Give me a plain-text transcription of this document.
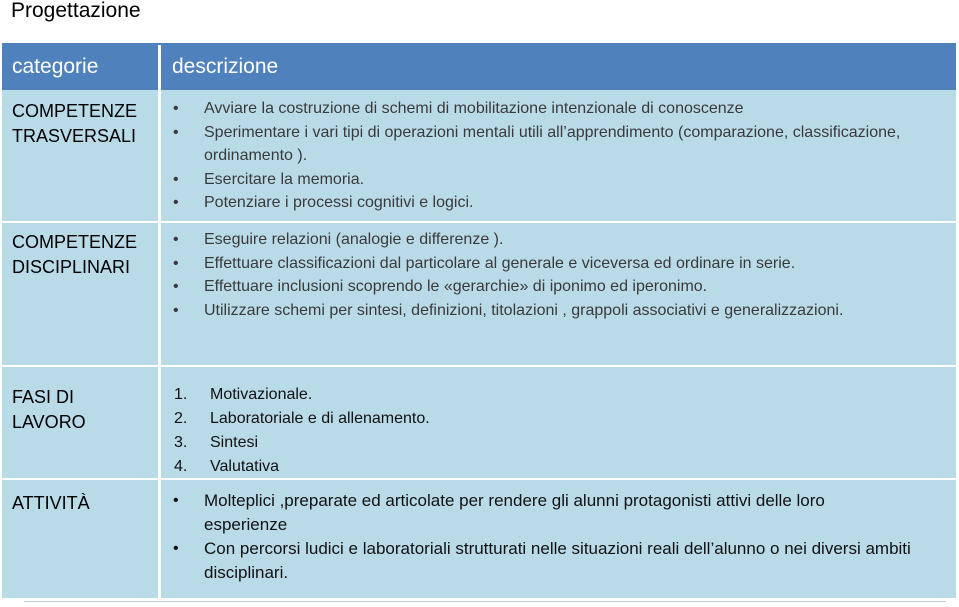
Progettazione
categorie	descrizione
COMPETENZE
TRASVERSALI
• Avviare la costruzione di schemi di mobilitazione intenzionale di conoscenze
• Sperimentare i vari tipi di operazioni mentali utili all’apprendimento (comparazione, classificazione, ordinamento ).
• Esercitare la memoria.
• Potenziare i processi cognitivi e logici.
COMPETENZE
DISCIPLINARI
• Eseguire relazioni (analogie e differenze ).
• Effettuare classificazioni dal particolare al generale e viceversa ed ordinare in serie.
• Effettuare inclusioni scoprendo le «gerarchie» di iponimo ed iperonimo.
• Utilizzare schemi per sintesi, definizioni, titolazioni , grappoli associativi e generalizzazioni.
FASI DI
LAVORO
1. Motivazionale.
2. Laboratoriale e di allenamento.
3. Sintesi
4. Valutativa
ATTIVITÀ	• Molteplici ,preparate ed articolate per rendere gli alunni protagonisti attivi delle loro esperienze
• Con percorsi ludici e laboratoriali strutturati nelle situazioni reali dell’alunno o nei diversi ambiti disciplinari.
